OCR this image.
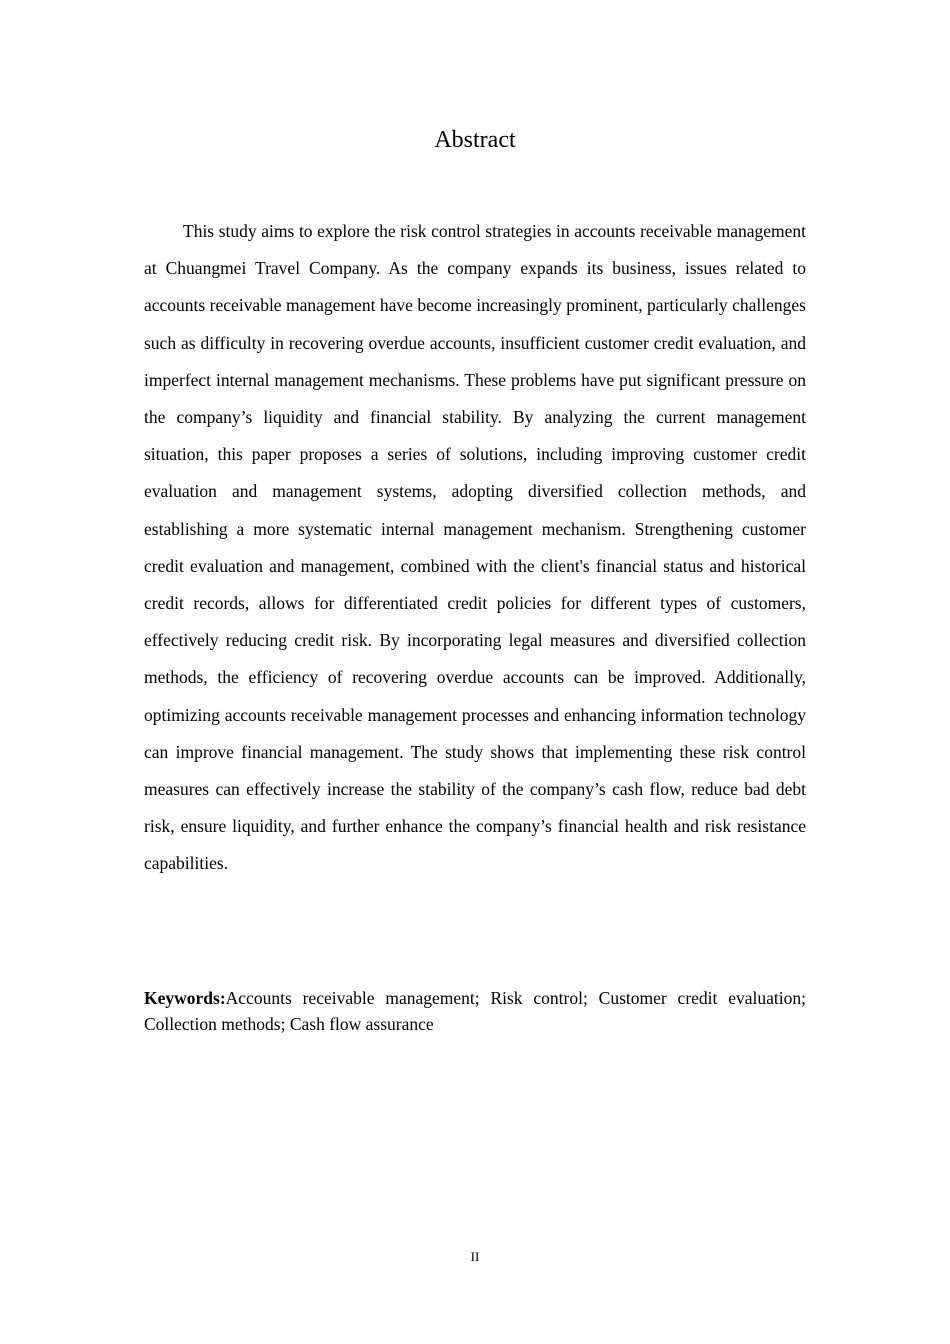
Abstract

This study aims to explore the risk control strategies in accounts receivable management at Chuangmei Travel Company. As the company expands its business, issues related to accounts receivable management have become increasingly prominent, particularly challenges such as difficulty in recovering overdue accounts, insufficient customer credit evaluation, and imperfect internal management mechanisms. These problems have put significant pressure on the company’s liquidity and financial stability. By analyzing the current management situation, this paper proposes a series of solutions, including improving customer credit evaluation and management systems, adopting diversified collection methods, and establishing a more systematic internal management mechanism. Strengthening customer credit evaluation and management, combined with the client's financial status and historical credit records, allows for differentiated credit policies for different types of customers, effectively reducing credit risk. By incorporating legal measures and diversified collection methods, the efficiency of recovering overdue accounts can be improved. Additionally, optimizing accounts receivable management processes and enhancing information technology can improve financial management. The study shows that implementing these risk control measures can effectively increase the stability of the company’s cash flow, reduce bad debt risk, ensure liquidity, and further enhance the company’s financial health and risk resistance capabilities.

Keywords:Accounts receivable management; Risk control; Customer credit evaluation; Collection methods; Cash flow assurance

II
